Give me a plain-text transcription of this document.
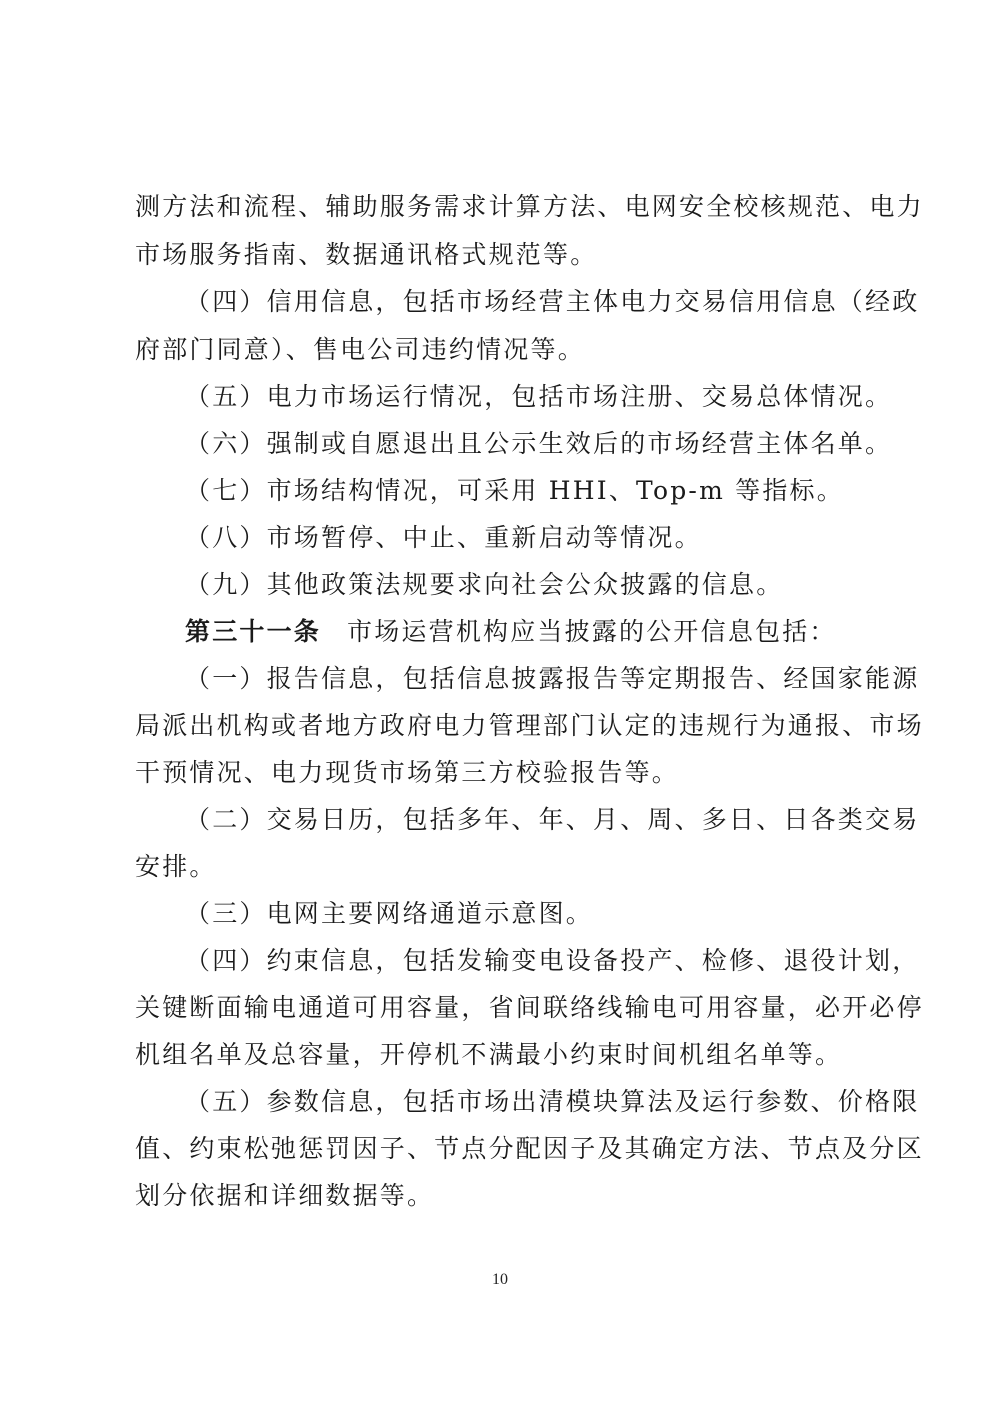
测方法和流程、辅助服务需求计算方法、电网安全校核规范、电力
市场服务指南、数据通讯格式规范等。
（四）信用信息，包括市场经营主体电力交易信用信息（经政
府部门同意）、售电公司违约情况等。
（五）电力市场运行情况，包括市场注册、交易总体情况。
（六）强制或自愿退出且公示生效后的市场经营主体名单。
（七）市场结构情况，可采用 HHI、Top-m 等指标。
（八）市场暂停、中止、重新启动等情况。
（九）其他政策法规要求向社会公众披露的信息。
第三十一条 市场运营机构应当披露的公开信息包括：
（一）报告信息，包括信息披露报告等定期报告、经国家能源
局派出机构或者地方政府电力管理部门认定的违规行为通报、市场
干预情况、电力现货市场第三方校验报告等。
（二）交易日历，包括多年、年、月、周、多日、日各类交易
安排。
（三）电网主要网络通道示意图。
（四）约束信息，包括发输变电设备投产、检修、退役计划，
关键断面输电通道可用容量，省间联络线输电可用容量，必开必停
机组名单及总容量，开停机不满最小约束时间机组名单等。
（五）参数信息，包括市场出清模块算法及运行参数、价格限
值、约束松弛惩罚因子、节点分配因子及其确定方法、节点及分区
划分依据和详细数据等。
10
